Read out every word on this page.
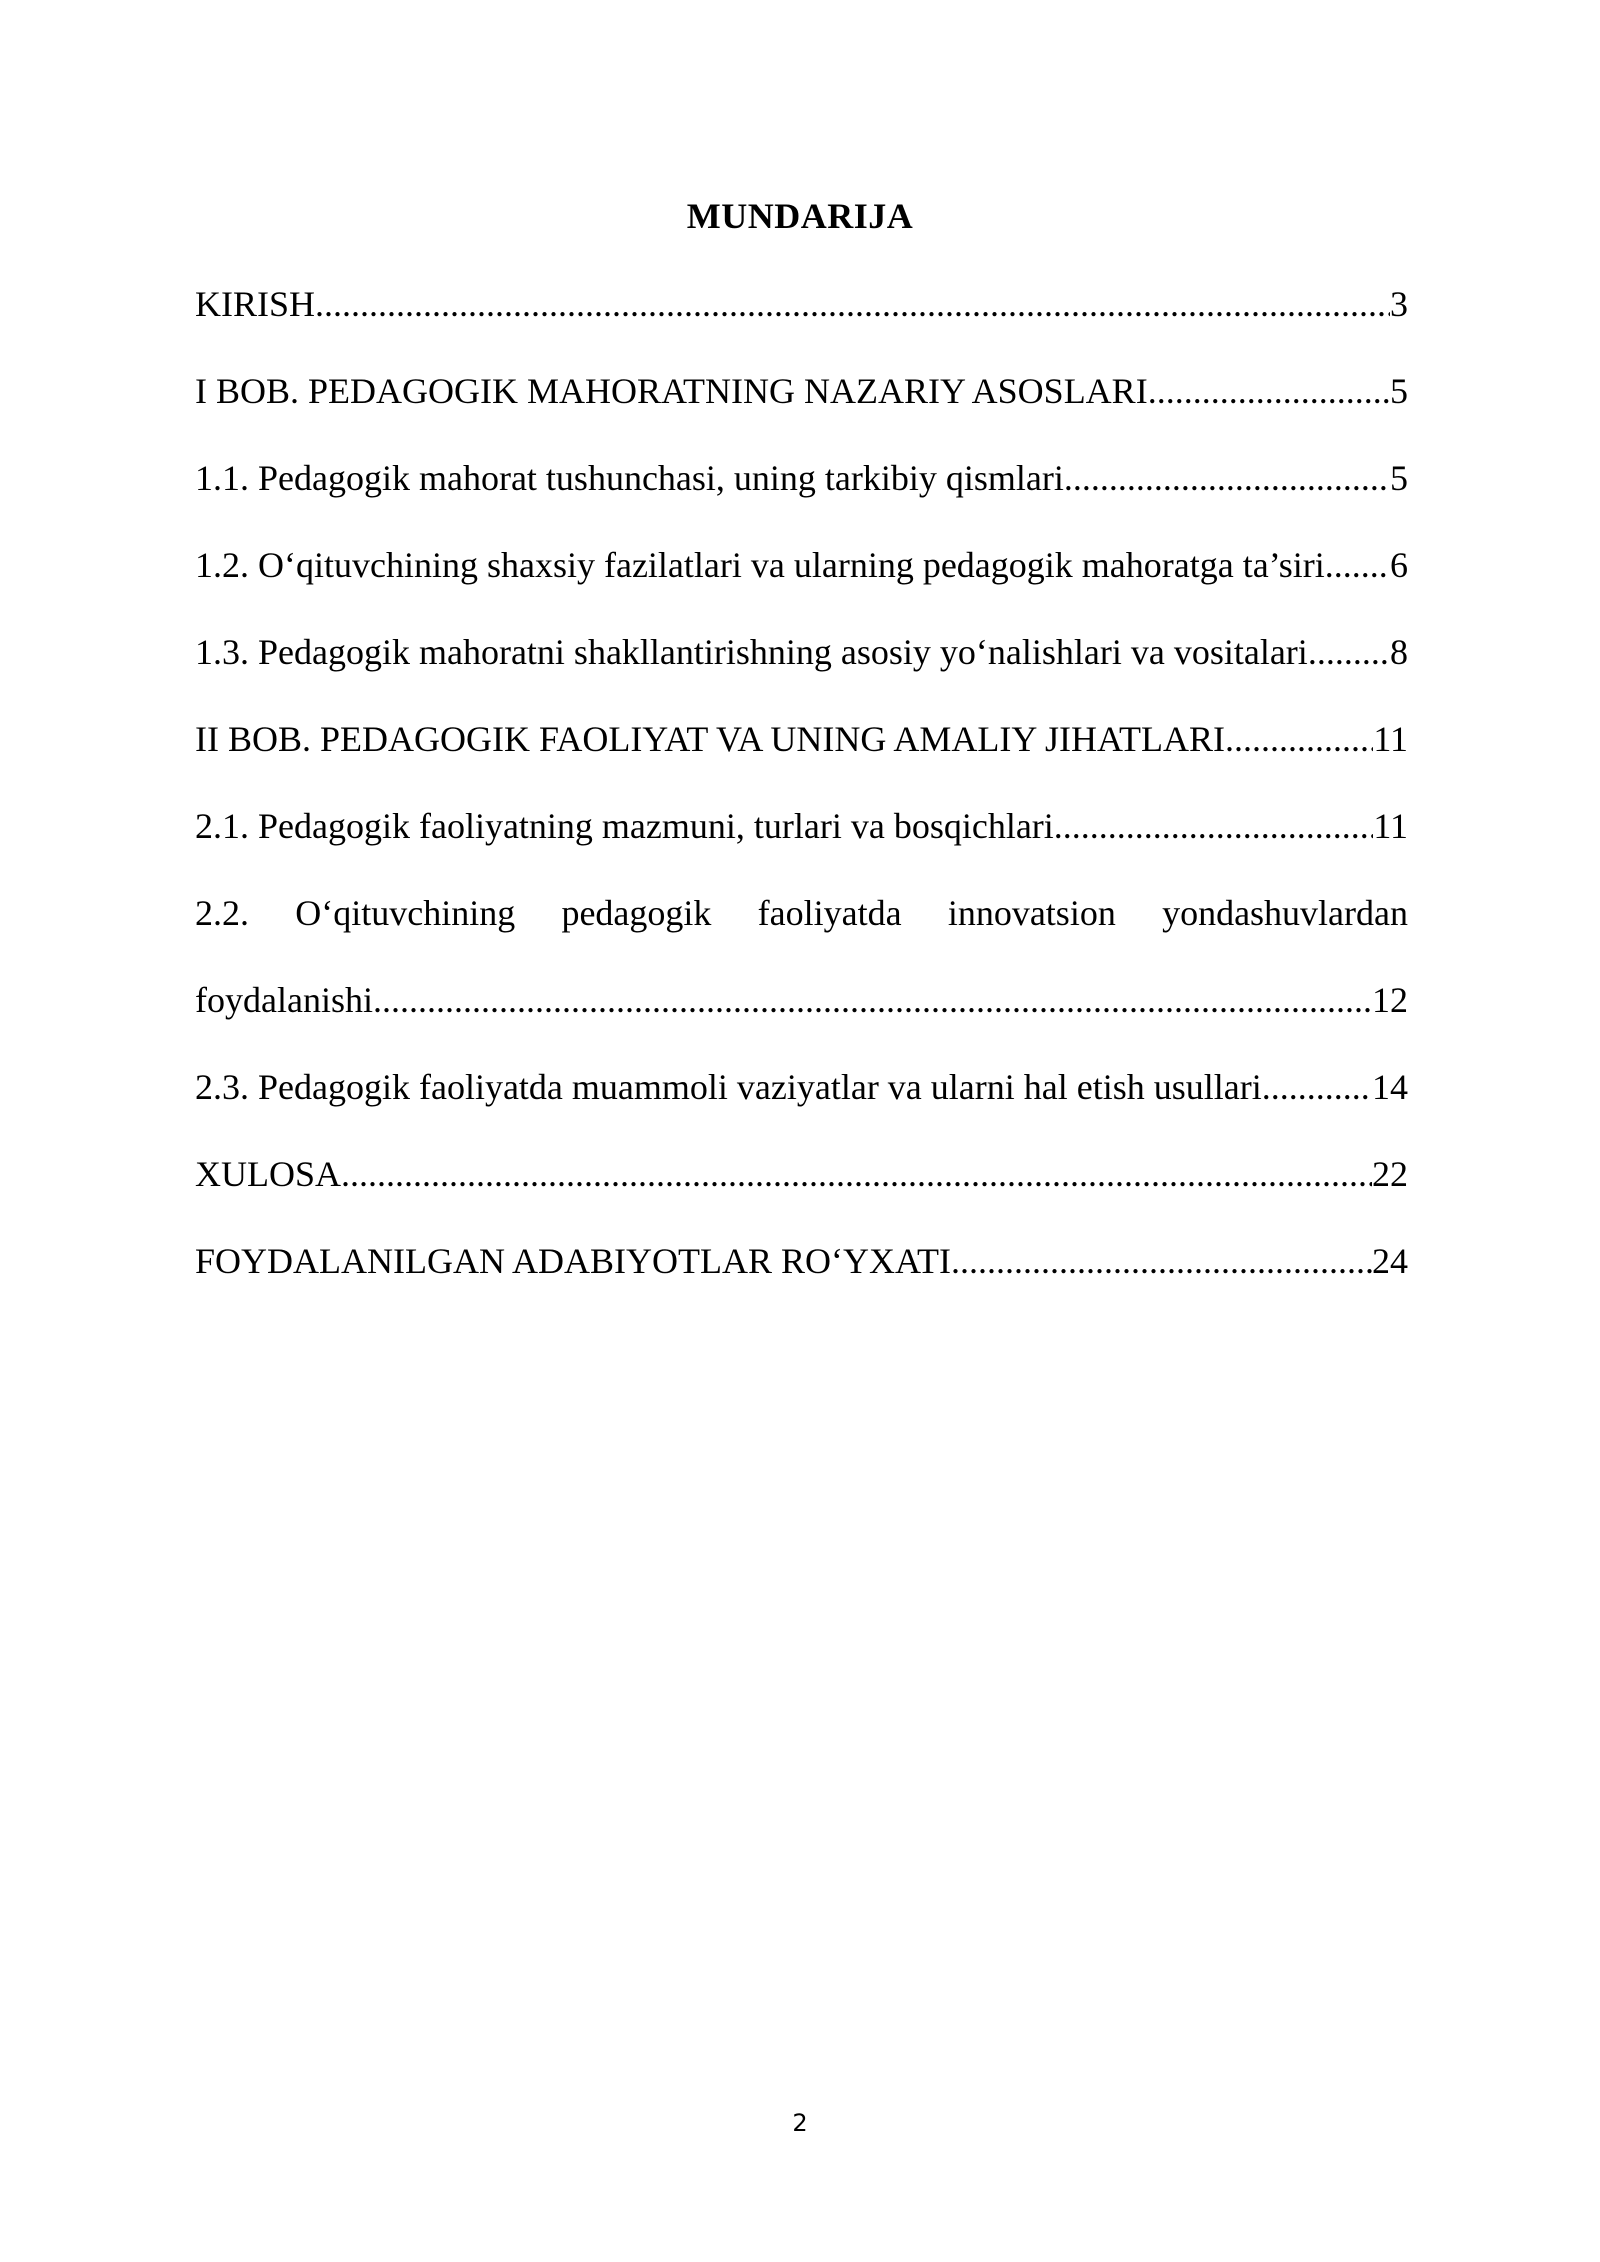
MUNDARIJA
KIRISH .....	3
I BOB. PEDAGOGIK MAHORATNING NAZARIY ASOSLARI .....	5
1.1. Pedagogik mahorat tushunchasi, uning tarkibiy qismlari .....	5
1.2. O‘qituvchining shaxsiy fazilatlari va ularning pedagogik mahoratga ta’siri ..... 6
1.3. Pedagogik mahoratni shakllantirishning asosiy yo‘nalishlari va vositalari ..... 8
II BOB. PEDAGOGIK FAOLIYAT VA UNING AMALIY JIHATLARI .....	11
2.1. Pedagogik faoliyatning mazmuni, turlari va bosqichlari .....	11
2.2. O‘qituvchining pedagogik faoliyatda innovatsion yondashuvlardan
foydalanishi .....	12
2.3. Pedagogik faoliyatda muammoli vaziyatlar va ularni hal etish usullari .....	14
XULOSA .....	22
FOYDALANILGAN ADABIYOTLAR RO‘YXATI .....	24
2
